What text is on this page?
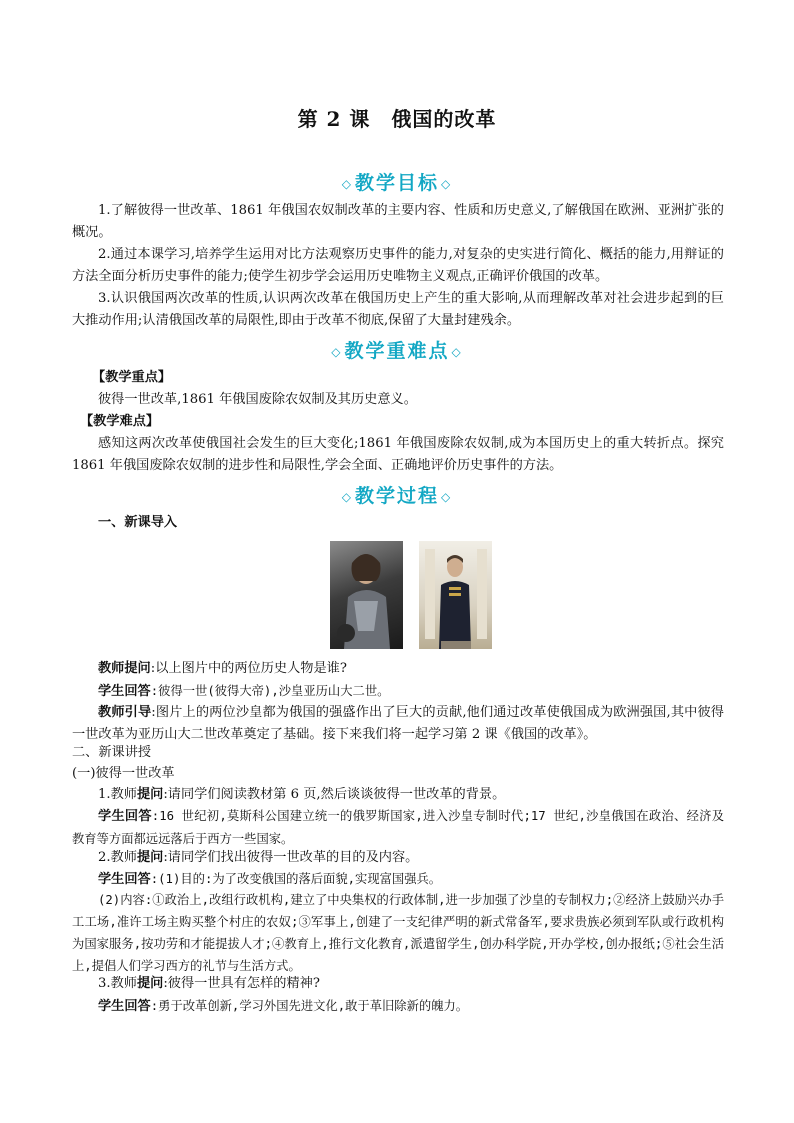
第 2 课　俄国的改革
◇ 教学目标 ◇
1.了解彼得一世改革、1861 年俄国农奴制改革的主要内容、性质和历史意义,了解俄国在欧洲、亚洲扩张的概况。
2.通过本课学习,培养学生运用对比方法观察历史事件的能力,对复杂的史实进行简化、概括的能力,用辩证的方法全面分析历史事件的能力;使学生初步学会运用历史唯物主义观点,正确评价俄国的改革。
3.认识俄国两次改革的性质,认识两次改革在俄国历史上产生的重大影响,从而理解改革对社会进步起到的巨大推动作用;认清俄国改革的局限性,即由于改革不彻底,保留了大量封建残余。
◇ 教学重难点 ◇
【教学重点】
彼得一世改革,1861 年俄国废除农奴制及其历史意义。
【教学难点】
感知这两次改革使俄国社会发生的巨大变化;1861 年俄国废除农奴制,成为本国历史上的重大转折点。探究 1861 年俄国废除农奴制的进步性和局限性,学会全面、正确地评价历史事件的方法。
◇ 教学过程 ◇
一、新课导入
教师提问:以上图片中的两位历史人物是谁?
学生回答:彼得一世(彼得大帝),沙皇亚历山大二世。
教师引导:图片上的两位沙皇都为俄国的强盛作出了巨大的贡献,他们通过改革使俄国成为欧洲强国,其中彼得一世改革为亚历山大二世改革奠定了基础。接下来我们将一起学习第 2 课《俄国的改革》。
二、新课讲授
(一)彼得一世改革
1.教师提问:请同学们阅读教材第 6 页,然后谈谈彼得一世改革的背景。
学生回答:16 世纪初,莫斯科公国建立统一的俄罗斯国家,进入沙皇专制时代;17 世纪,沙皇俄国在政治、经济及教育等方面都远远落后于西方一些国家。
2.教师提问:请同学们找出彼得一世改革的目的及内容。
学生回答:(1)目的:为了改变俄国的落后面貌,实现富国强兵。
(2)内容:①政治上,改组行政机构,建立了中央集权的行政体制,进一步加强了沙皇的专制权力;②经济上鼓励兴办手工工场,准许工场主购买整个村庄的农奴;③军事上,创建了一支纪律严明的新式常备军,要求贵族必须到军队或行政机构为国家服务,按功劳和才能提拔人才;④教育上,推行文化教育,派遣留学生,创办科学院,开办学校,创办报纸;⑤社会生活上,提倡人们学习西方的礼节与生活方式。
3.教师提问:彼得一世具有怎样的精神?
学生回答:勇于改革创新,学习外国先进文化,敢于革旧除新的魄力。
